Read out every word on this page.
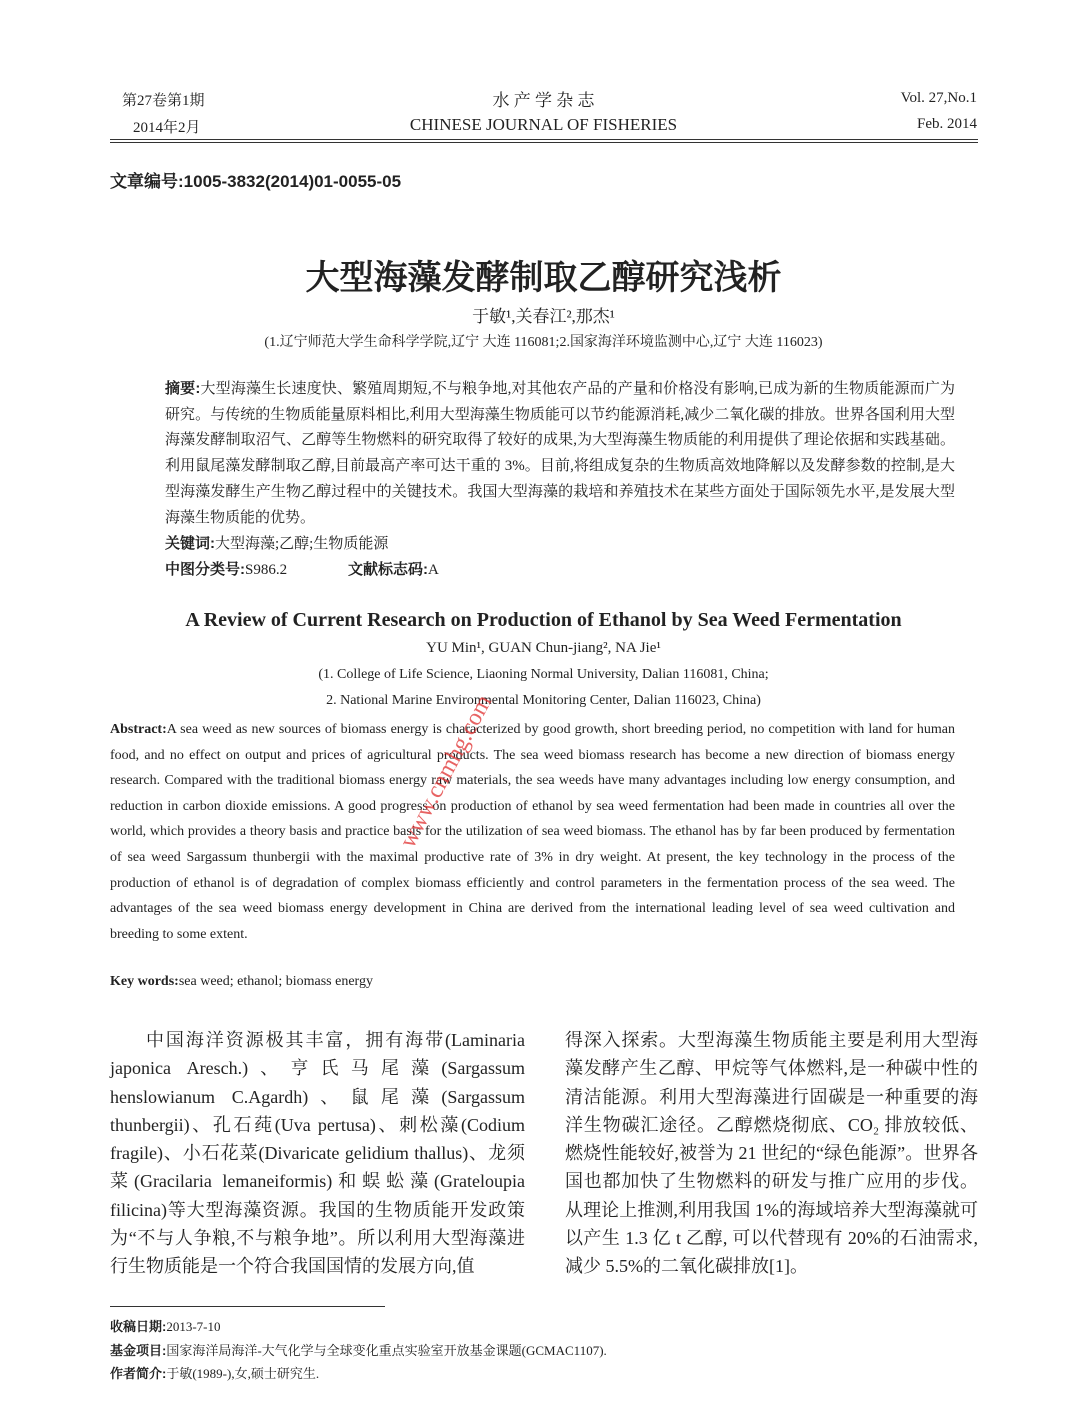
第27卷第1期
2014年2月
水 产 学 杂 志
CHINESE JOURNAL OF FISHERIES
Vol. 27,No.1
Feb. 2014
文章编号:1005-3832(2014)01-0055-05
大型海藻发酵制取乙醇研究浅析
于敏¹,关春江²,那杰¹
(1.辽宁师范大学生命科学学院,辽宁 大连 116081;2.国家海洋环境监测中心,辽宁 大连 116023)
摘要:大型海藻生长速度快、繁殖周期短,不与粮争地,对其他农产品的产量和价格没有影响,已成为新的生物质能源而广为研究。与传统的生物质能量原料相比,利用大型海藻生物质能可以节约能源消耗,减少二氧化碳的排放。世界各国利用大型海藻发酵制取沼气、乙醇等生物燃料的研究取得了较好的成果,为大型海藻生物质能的利用提供了理论依据和实践基础。利用鼠尾藻发酵制取乙醇,目前最高产率可达干重的 3%。目前,将组成复杂的生物质高效地降解以及发酵参数的控制,是大型海藻发酵生产生物乙醇过程中的关键技术。我国大型海藻的栽培和养殖技术在某些方面处于国际领先水平,是发展大型海藻生物质能的优势。
关键词:大型海藻;乙醇;生物质能源
中图分类号:S986.2	文献标志码:A
A Review of Current Research on Production of Ethanol by Sea Weed Fermentation
YU Min¹, GUAN Chun-jiang², NA Jie¹
(1. College of Life Science, Liaoning Normal University, Dalian 116081, China;
2. National Marine Environmental Monitoring Center, Dalian 116023, China)
Abstract:A sea weed as new sources of biomass energy is characterized by good growth, short breeding period, no competition with land for human food, and no effect on output and prices of agricultural products. The sea weed biomass research has become a new direction of biomass energy research. Compared with the traditional biomass energy raw materials, the sea weeds have many advantages including low energy consumption, and reduction in carbon dioxide emissions. A good progress on production of ethanol by sea weed fermentation had been made in countries all over the world, which provides a theory basis and practice basis for the utilization of sea weed biomass. The ethanol has by far been produced by fermentation of sea weed Sargassum thunbergii with the maximal productive rate of 3% in dry weight. At present, the key technology in the process of the production of ethanol is of degradation of complex biomass efficiently and control parameters in the fermentation process of the sea weed. The advantages of the sea weed biomass energy development in China are derived from the international leading level of sea weed cultivation and breeding to some extent.
Key words:sea weed; ethanol; biomass energy
中国海洋资源极其丰富，拥有海带(Laminaria japonica Aresch.)、亨氏马尾藻(Sargassum henslowianum C.Agardh)、鼠尾藻(Sargassum thunbergii)、孔石莼(Uva pertusa)、刺松藻(Codium fragile)、小石花菜(Divaricate gelidium thallus)、龙须菜(Gracilaria lemaneiformis)和蜈蚣藻(Grateloupia filicina)等大型海藻资源。我国的生物质能开发政策为“不与人争粮,不与粮争地”。所以利用大型海藻进行生物质能是一个符合我国国情的发展方向,值
得深入探索。大型海藻生物质能主要是利用大型海藻发酵产生乙醇、甲烷等气体燃料,是一种碳中性的清洁能源。利用大型海藻进行固碳是一种重要的海洋生物碳汇途径。乙醇燃烧彻底、CO₂ 排放较低、燃烧性能较好,被誉为 21 世纪的“绿色能源”。世界各国也都加快了生物燃料的研发与推广应用的步伐。从理论上推测,利用我国 1%的海域培养大型海藻就可以产生 1.3 亿 t 乙醇, 可以代替现有 20%的石油需求,减少 5.5%的二氧化碳排放[1]。
收稿日期:2013-7-10
基金项目:国家海洋局海洋-大气化学与全球变化重点实验室开放基金课题(GCMAC1107).
作者简介:于敏(1989-),女,硕士研究生.
www.cnmhg.com
